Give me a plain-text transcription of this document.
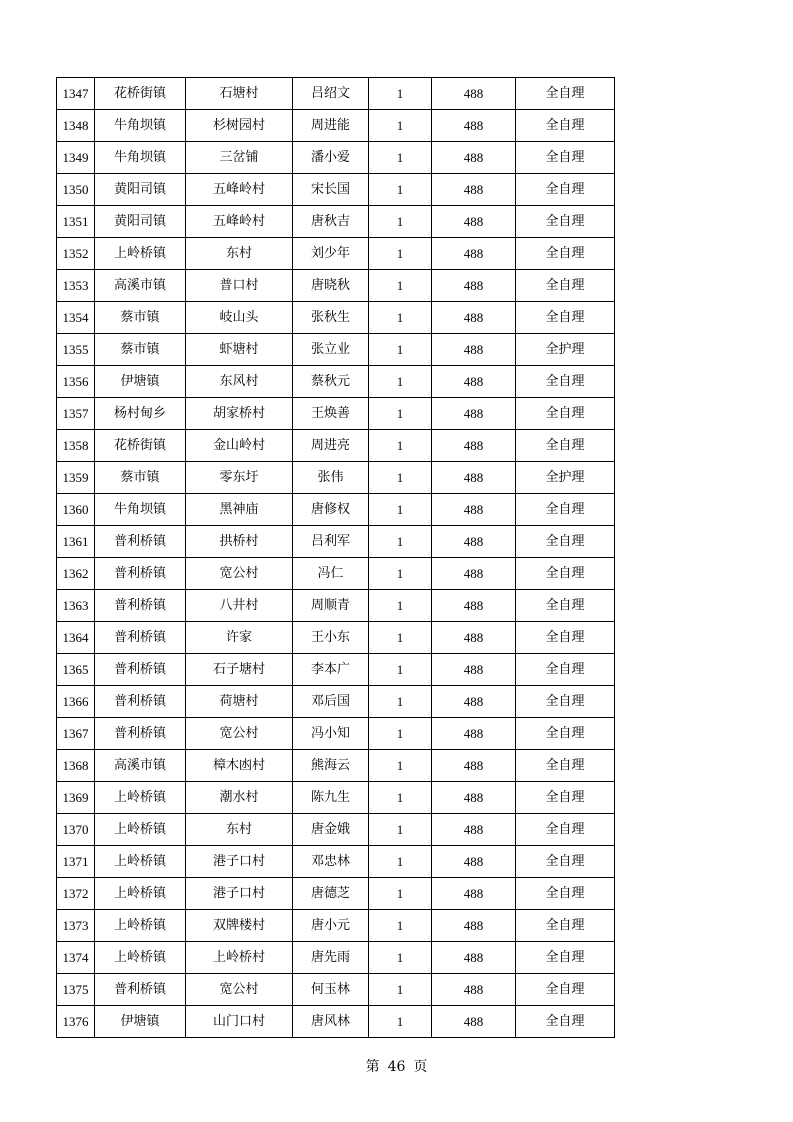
1347	花桥街镇	石塘村	吕绍文	1	488	全自理
1348	牛角坝镇	杉树园村	周进能	1	488	全自理
1349	牛角坝镇	三岔铺	潘小爱	1	488	全自理
1350	黄阳司镇	五峰岭村	宋长国	1	488	全自理
1351	黄阳司镇	五峰岭村	唐秋吉	1	488	全自理
1352	上岭桥镇	东村	刘少年	1	488	全自理
1353	高溪市镇	普口村	唐晓秋	1	488	全自理
1354	蔡市镇	岐山头	张秋生	1	488	全自理
1355	蔡市镇	虾塘村	张立业	1	488	全护理
1356	伊塘镇	东风村	蔡秋元	1	488	全自理
1357	杨村甸乡	胡家桥村	王焕善	1	488	全自理
1358	花桥街镇	金山岭村	周进亮	1	488	全自理
1359	蔡市镇	零东圩	张伟	1	488	全护理
1360	牛角坝镇	黑神庙	唐修权	1	488	全自理
1361	普利桥镇	拱桥村	吕利军	1	488	全自理
1362	普利桥镇	宽公村	冯仁	1	488	全自理
1363	普利桥镇	八井村	周顺青	1	488	全自理
1364	普利桥镇	许家	王小东	1	488	全自理
1365	普利桥镇	石子塘村	李本广	1	488	全自理
1366	普利桥镇	荷塘村	邓后国	1	488	全自理
1367	普利桥镇	宽公村	冯小知	1	488	全自理
1368	高溪市镇	樟木凼村	熊海云	1	488	全自理
1369	上岭桥镇	潮水村	陈九生	1	488	全自理
1370	上岭桥镇	东村	唐金娥	1	488	全自理
1371	上岭桥镇	港子口村	邓忠林	1	488	全自理
1372	上岭桥镇	港子口村	唐德芝	1	488	全自理
1373	上岭桥镇	双牌楼村	唐小元	1	488	全自理
1374	上岭桥镇	上岭桥村	唐先雨	1	488	全自理
1375	普利桥镇	宽公村	何玉林	1	488	全自理
1376	伊塘镇	山门口村	唐风林	1	488	全自理
第 46 页
